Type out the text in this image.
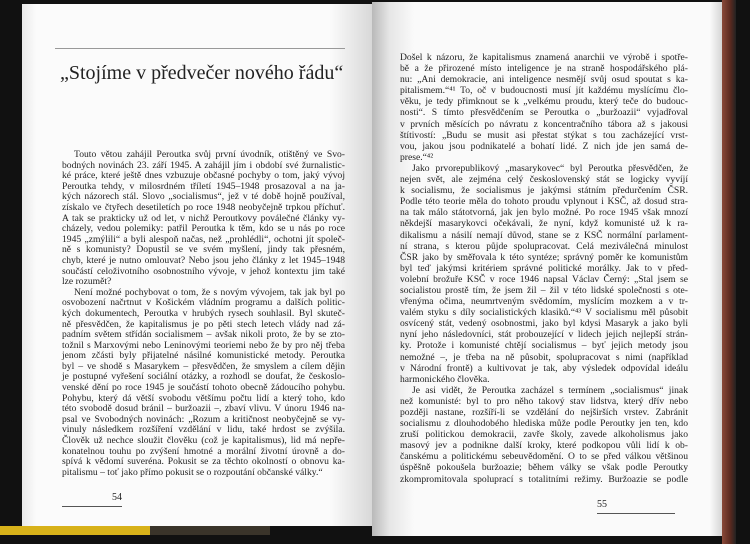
„Stojíme v předvečer nového řádu“
Touto větou zahájil Peroutka svůj první úvodník, otištěný ve Svo-
bodných novinách 23. září 1945. A zahájil jím i období své žurnalistic-
ké práce, které ještě dnes vzbuzuje občasné pochyby o tom, jaký vývoj
Peroutka tehdy, v milosrdném tříletí 1945–1948 prosazoval a na ja-
kých názorech stál. Slovo „socialismus“, jež v té době hojně používal,
získalo ve čtyřech desetiletích po roce 1948 neobyčejně trpkou příchuť.
A tak se prakticky už od let, v nichž Peroutkovy poválečné články vy-
cházely, vedou polemiky: patřil Peroutka k těm, kdo se u nás po roce
1945 „zmýlili“ a byli alespoň načas, než „prohlédli“, ochotni jít společ-
ně s komunisty? Dopustil se ve svém myšlení, jindy tak přesném,
chyb, které je nutno omlouvat? Nebo jsou jeho články z let 1945–1948
součástí celoživotního osobnostního vývoje, v jehož kontextu jim také
lze rozumět?
Není možné pochybovat o tom, že s novým vývojem, tak jak byl po
osvobození načrtnut v Košickém vládním programu a dalších politic-
kých dokumentech, Peroutka v hrubých rysech souhlasil. Byl skuteč-
ně přesvědčen, že kapitalismus je po pěti stech letech vlády nad zá-
padním světem střídán socialismem – avšak nikoli proto, že by se zto-
tožnil s Marxovými nebo Leninovými teoriemi nebo že by pro něj třeba
jenom zčásti byly přijatelné násilné komunistické metody. Peroutka
byl – ve shodě s Masarykem – přesvědčen, že smyslem a cílem dějin
je postupné vyřešení sociální otázky, a rozhodl se doufat, že českoslo-
venské dění po roce 1945 je součástí tohoto obecně žádoucího pohybu.
Pohybu, který dá větší svobodu většímu počtu lidí a který toho, kdo
této svobodě dosud bránil – buržoazii –, zbaví vlivu. V únoru 1946 na-
psal ve Svobodných novinách: „Rozum a kritičnost neobyčejně se vy-
vinuly následkem rozšíření vzdělání v lidu, také hrdost se zvýšila.
Člověk už nechce sloužit člověku (což je kapitalismus), lid má nepře-
konatelnou touhu po zvýšení hmotné a morální životní úrovně a do-
spívá k vědomí suveréna. Pokusit se za těchto okolností o obnovu ka-
pitalismu – toť jako přímo pokusit se o rozpoutání občanské války.“
54
Došel k názoru, že kapitalismus znamená anarchii ve výrobě i spotře-
bě a že přirozené místo inteligence je na straně hospodářského plá-
nu: „Ani demokracie, ani inteligence nesmějí svůj osud spoutat s ka-
pitalismem.“⁴¹ To, oč v budoucnosti musí jít každému myslícímu člo-
věku, je tedy přimknout se k „velkému proudu, který teče do budouc-
nosti“. S tímto přesvědčením se Peroutka o „buržoazii“ vyjadřoval
v prvních měsících po návratu z koncentračního tábora až s jakousi
štítivostí: „Budu se musit asi přestat stýkat s tou zacházející vrst-
vou, jakou jsou podnikatelé a bohatí lidé. Z nich jde jen samá de-
prese.“⁴²
Jako prvorepublikový „masarykovec“ byl Peroutka přesvědčen, že
nejen svět, ale zejména celý československý stát se logicky vyvíjí
k socialismu, že socialismus je jakýmsi státním předurčením ČSR.
Podle této teorie měla do tohoto proudu vplynout i KSČ, až dosud stra-
na tak málo státotvorná, jak jen bylo možné. Po roce 1945 však mnozí
někdejší masarykovci očekávali, že nyní, když komunisté už k ra-
dikalismu a násilí nemají důvod, stane se z KSČ normální parlament-
ní strana, s kterou půjde spolupracovat. Celá meziválečná minulost
ČSR jako by směřovala k této syntéze; správný poměr ke komunistům
byl teď jakýmsi kritériem správné politické morálky. Jak to v před-
volební brožuře KSČ v roce 1946 napsal Václav Černý: „Stal jsem se
socialistou prostě tím, že jsem žil – žil v této lidské společnosti s ote-
vřenýma očima, neumrtveným svědomím, myslícím mozkem a v tr-
valém styku s díly socialistických klasiků.“⁴³ V socialismu měl působit
osvícený stát, vedený osobnostmi, jako byl kdysi Masaryk a jako byli
nyní jeho následovníci, stát probouzející v lidech jejich nejlepší strán-
ky. Protože i komunisté chtějí socialismus – byť jejich metody jsou
nemožné –, je třeba na ně působit, spolupracovat s nimi (například
v Národní frontě) a kultivovat je tak, aby výsledek odpovídal ideálu
harmonického člověka.
Je asi vidět, že Peroutka zacházel s termínem „socialismus“ jinak
než komunisté: byl to pro něho takový stav lidstva, který dřív nebo
později nastane, rozšíří-li se vzdělání do nejširších vrstev. Zabránit
socialismu z dlouhodobého hlediska může podle Peroutky jen ten, kdo
zruší politickou demokracii, zavře školy, zavede alkoholismus jako
masový jev a podnikne další kroky, které podkopou vůli lidí k ob-
čanskému a politickému sebeuvědomění. O to se před válkou většinou
úspěšně pokoušela buržoazie; během války se však podle Peroutky
zkompromitovala spoluprací s totalitními režimy. Buržoazie se podle
55
